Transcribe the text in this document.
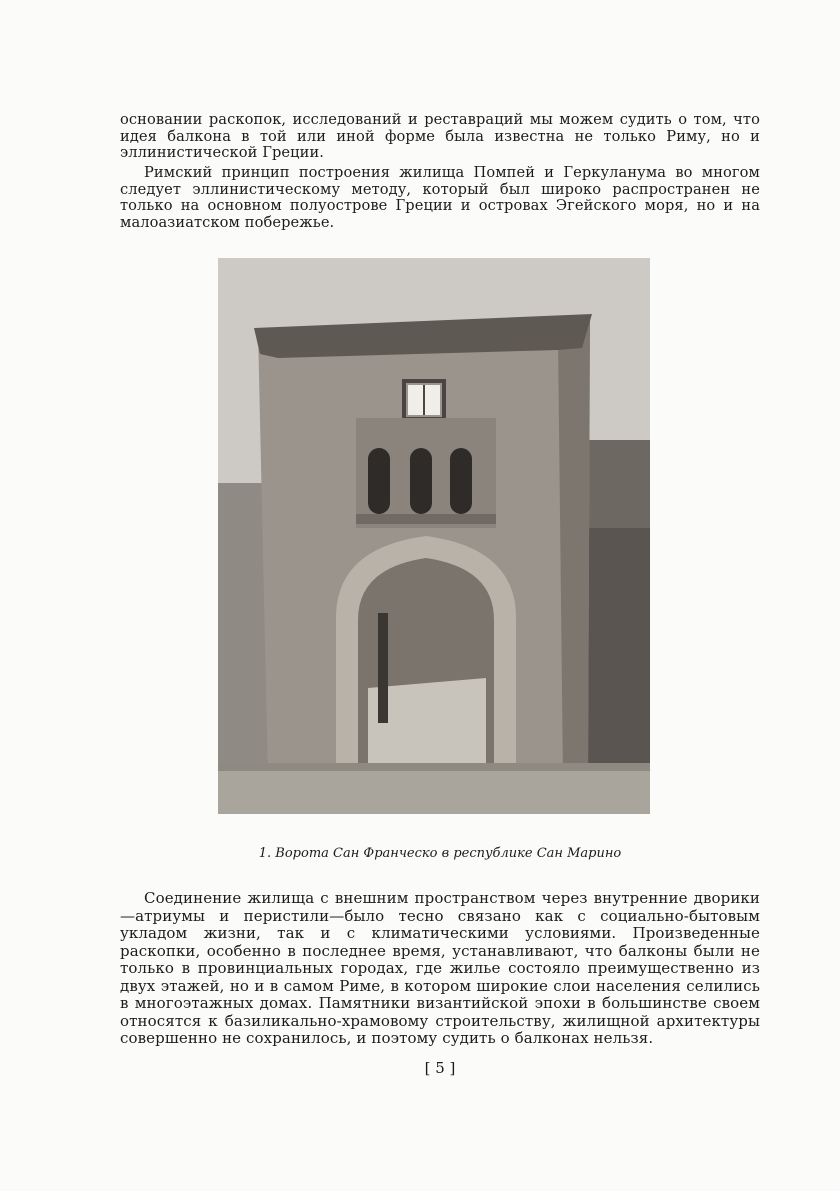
основании раскопок, исследований и реставраций мы можем судить о том, что идея балкона в той или иной форме была известна не только Риму, но и эллинистической Греции.

Римский принцип построения жилища Помпей и Геркуланума во многом следует эллинистическому методу, который был широко распространен не только на основном полуострове Греции и островах Эгейского моря, но и на малоазиатском побережье.

1. Ворота Сан Франческо в республике Сан Марино

Соединение жилища с внешним пространством через внутренние дворики—атриумы и перистили—было тесно связано как с социально-бытовым укладом жизни, так и с климатическими условиями. Произведенные раскопки, особенно в последнее время, устанавливают, что балконы были не только в провинциальных городах, где жилье состояло преимущественно из двух этажей, но и в самом Риме, в котором широкие слои населения селились в многоэтажных домах. Памятники византийской эпохи в большинстве своем относятся к базиликально-храмовому строительству, жилищной архитектуры совершенно не сохранилось, и поэтому судить о балконах нельзя.

[ 5 ]
